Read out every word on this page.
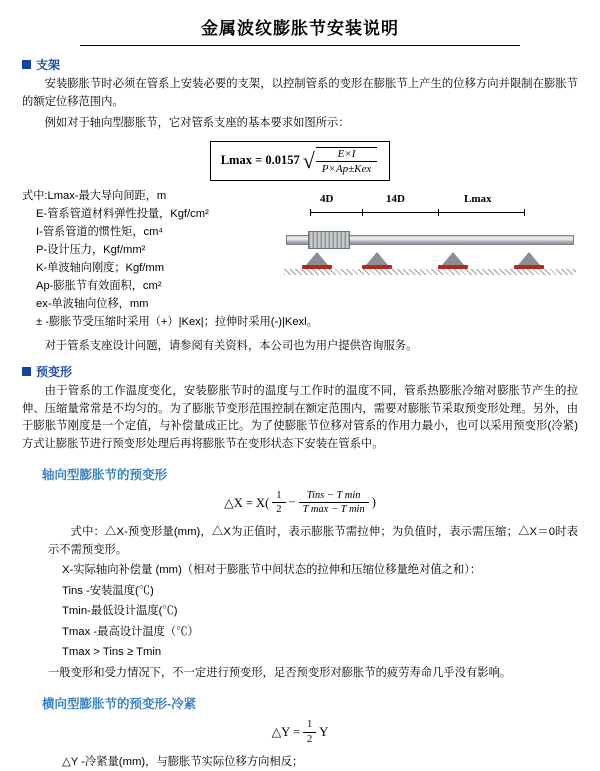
金属波纹膨胀节安装说明
支架

安装膨胀节时必须在管系上安装必要的支架，以控制管系的变形在膨胀节上产生的位移方向并限制在膨胀节的额定位移范围内。

例如对于轴向型膨胀节，它对管系支座的基本要求如图所示：

Lmax = 0.0157 √ $\frac{E\times I}{\text{P×Ap±Kex}}$
式中:Lmax-最大导向间距，m
E-管系管道材料弹性投量，Kgf/cm²
I-管系管道的惯性矩，cm⁴
P-设计压力，Kgf/mm²
K-单波轴向刚度；Kgf/mm
Ap-膨胀节有效面积，cm²
ex-单波轴向位移，mm
± -膨胀节受压缩时采用（+）|Kex|；拉伸时采用(-)|Kexl。
4D	14D	Lmax

对于管系支座设计问题，请参阅有关资料，本公司也为用户提供咨询服务。

预变形

由于管系的工作温度变化，安装膨胀节时的温度与工作时的温度不同，管系热膨胀冷缩对膨胀节产生的拉伸、压缩量常常是不均匀的。为了膨胀节变形范围控制在额定范围内，需要对膨胀节采取预变形处理。另外，由于膨胀节刚度是一个定值，与补偿量成正比。为了使膨胀节位移对管系的作用力最小，也可以采用预变形(冷紧)方式让膨胀节进行预变形处理后再将膨胀节在变形状态下安装在管系中。

轴向型膨胀节的预变形
△X = $X( \frac{1}{2} - \frac{\text{Tins − T min}}{\text{T max − T min}}$ )

式中：△X-预变形量(mm)，△X为正值时，表示膨胀节需拉伸；为负值时，表示需压缩；△X＝0时表示不需预变形。

X-实际轴向补偿量 (mm)（相对于膨胀节中间状态的拉伸和压缩位移量绝对值之和）：

Tins -安装温度(℃)

Tmin-最低设计温度(℃)

Tmax -最高设计温度（℃）

Tmax > Tins ≥ Tmin

一般变形和受力情况下，不一定进行预变形，足否预变形对膨胀节的疲劳寿命几乎没有影响。

横向型膨胀节的预变形-冷紧
△Y = $\frac{1}{2}$ Y

△Y -冷紧量(mm)，与膨胀节实际位移方向相反；
